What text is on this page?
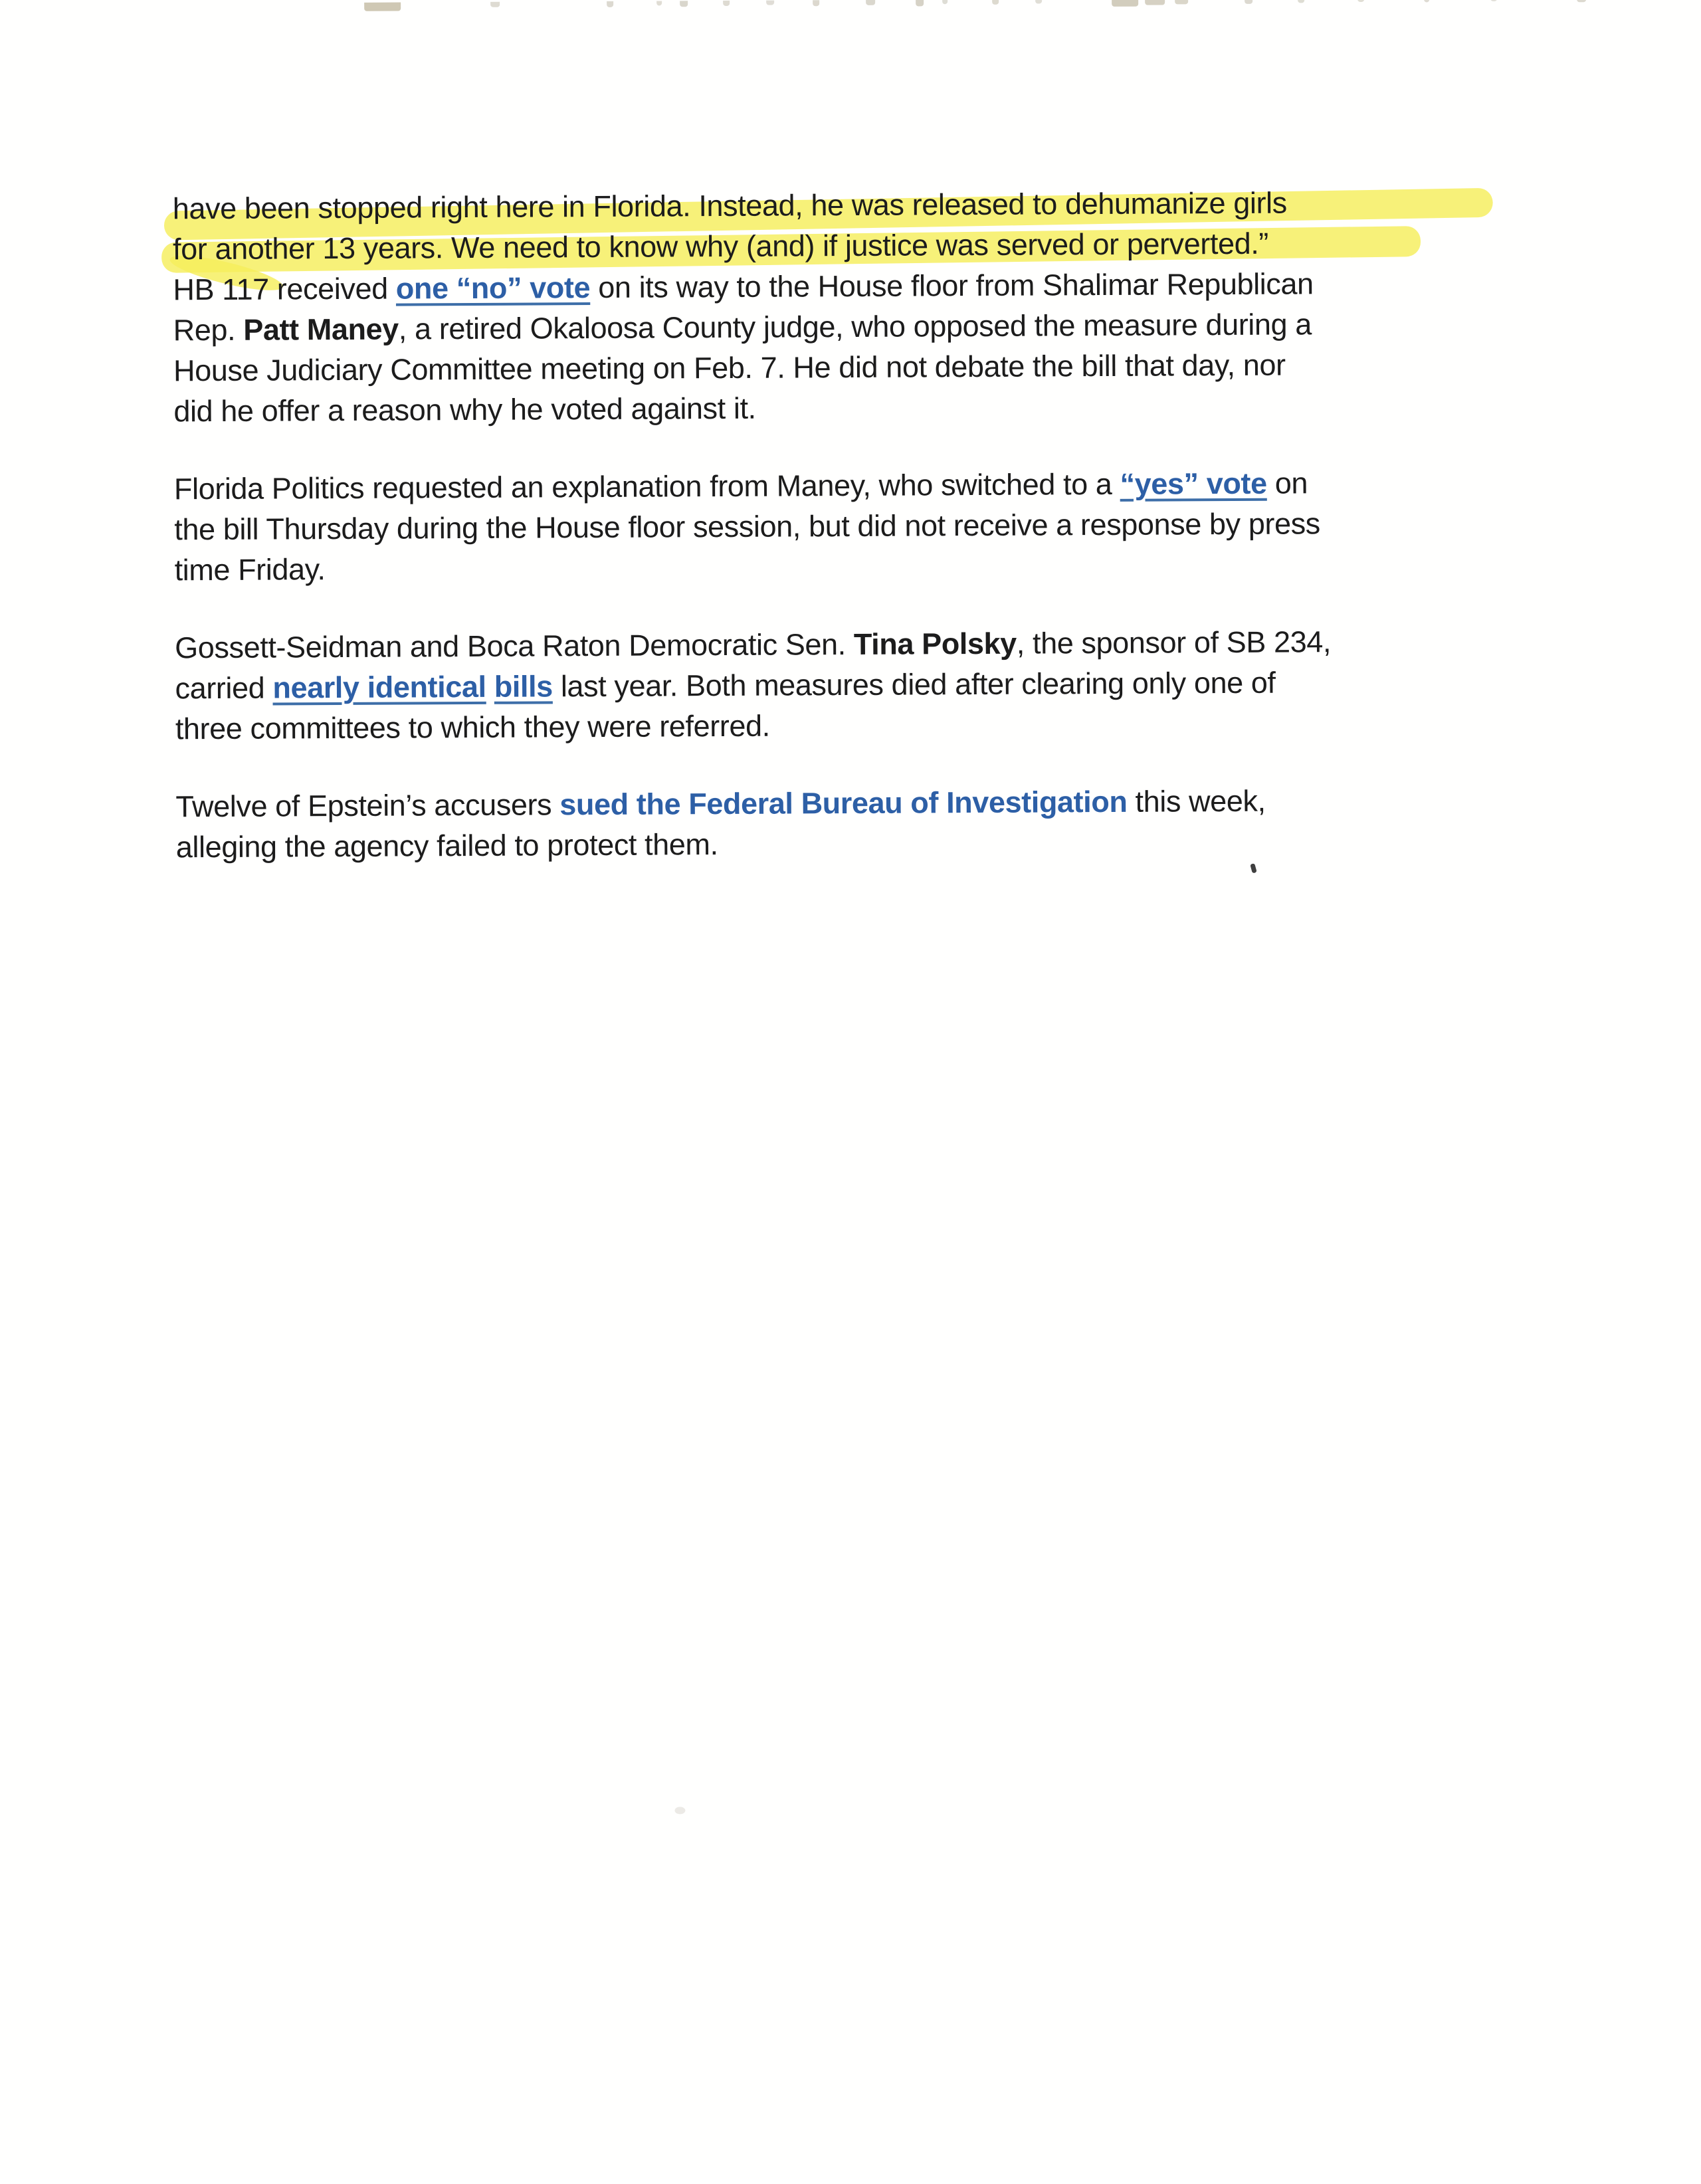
have been stopped right here in Florida. Instead, he was released to dehumanize girls
for another 13 years. We need to know why (and) if justice was served or perverted.”
HB 117 received one “no” vote on its way to the House floor from Shalimar Republican
Rep. Patt Maney, a retired Okaloosa County judge, who opposed the measure during a
House Judiciary Committee meeting on Feb. 7. He did not debate the bill that day, nor
did he offer a reason why he voted against it.
Florida Politics requested an explanation from Maney, who switched to a “yes” vote on
the bill Thursday during the House floor session, but did not receive a response by press
time Friday.
Gossett-Seidman and Boca Raton Democratic Sen. Tina Polsky, the sponsor of SB 234,
carried nearly identical bills last year. Both measures died after clearing only one of
three committees to which they were referred.
Twelve of Epstein’s accusers sued the Federal Bureau of Investigation this week,
alleging the agency failed to protect them.
